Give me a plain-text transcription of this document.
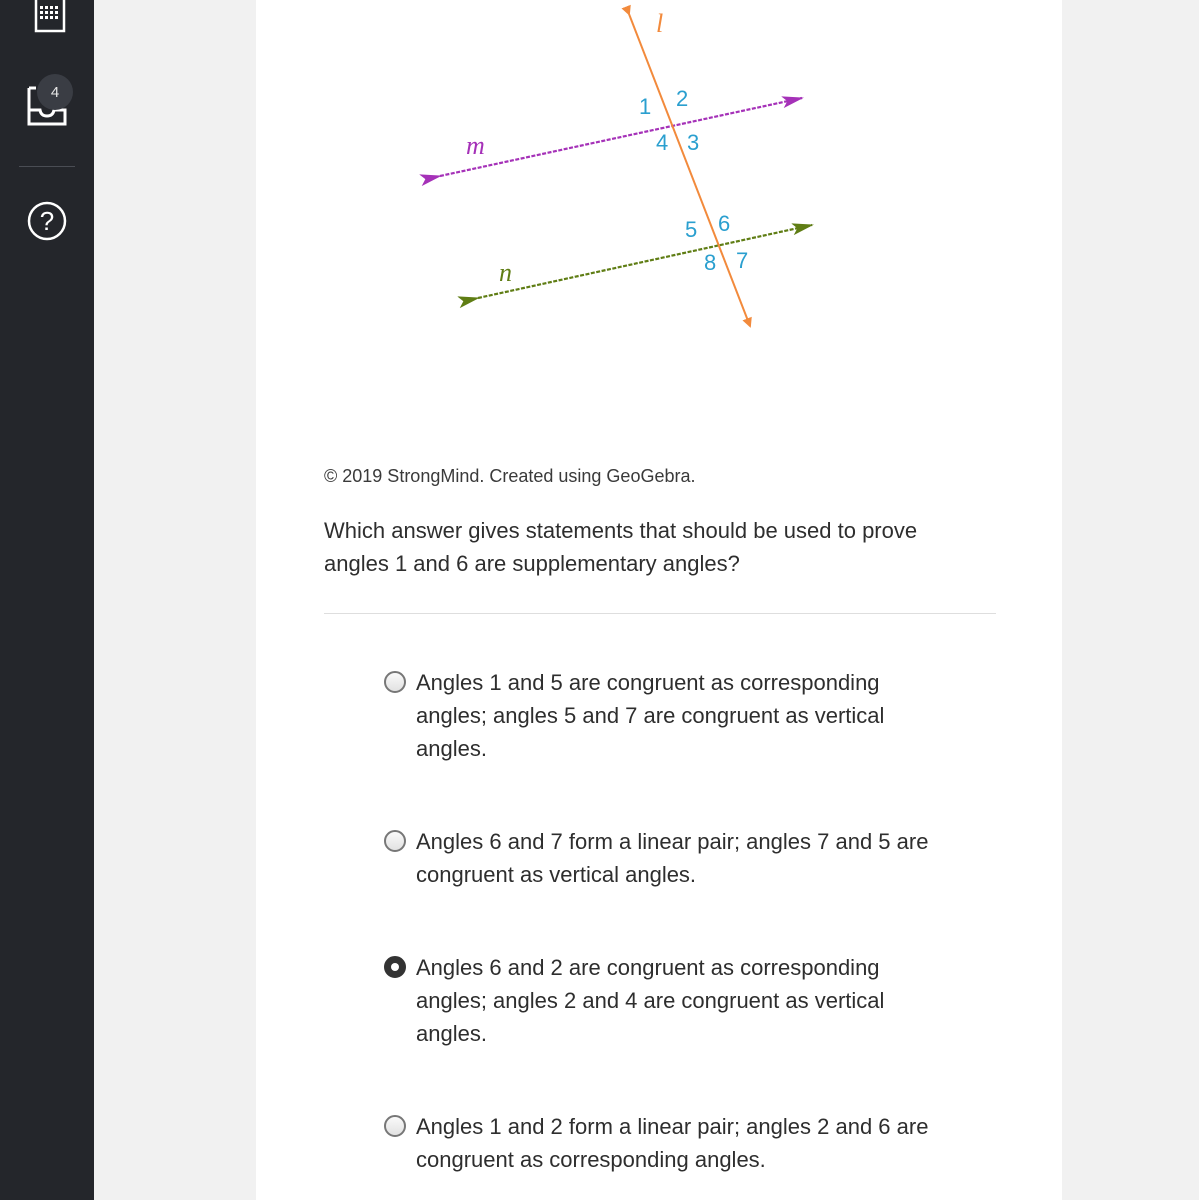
4
?
l
m
n
1 2
3
4
5 6
7
8
© 2019 StrongMind. Created using GeoGebra.
Which answer gives statements that should be used to prove angles 1 and 6 are supplementary angles?
Angles 1 and 5 are congruent as corresponding angles; angles 5 and 7 are congruent as vertical angles.
Angles 6 and 7 form a linear pair; angles 7 and 5 are congruent as vertical angles.
Angles 6 and 2 are congruent as corresponding angles; angles 2 and 4 are congruent as vertical angles.
Angles 1 and 2 form a linear pair; angles 2 and 6 are congruent as corresponding angles.
